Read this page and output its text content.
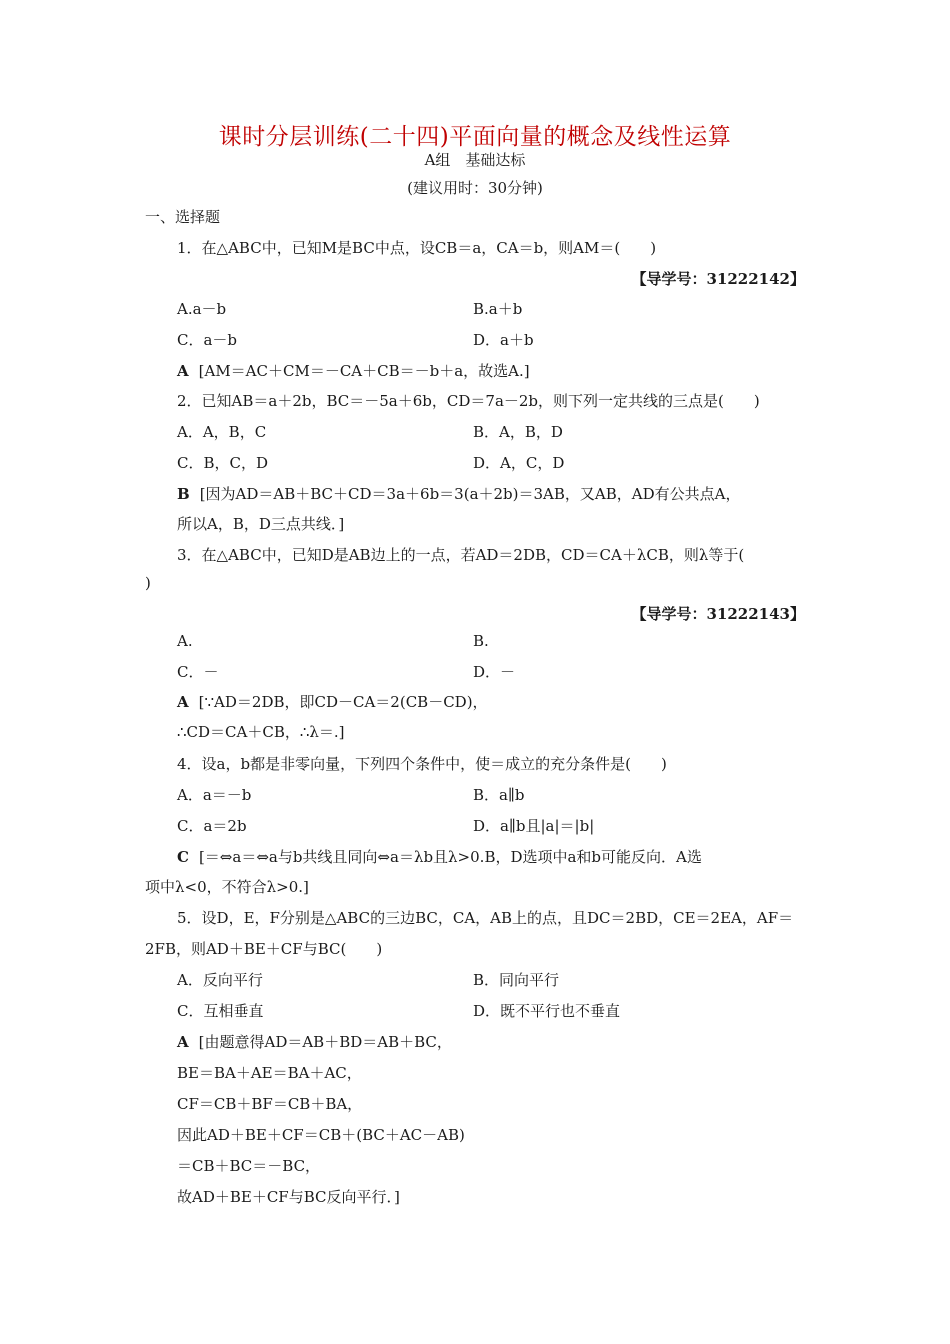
课时分层训练(二十四)平面向量的概念及线性运算
A组　基础达标
(建议用时：30分钟)
一、选择题
1．在△ABC中，已知M是BC中点，设CB＝a，CA＝b，则AM＝(　　)
【导学号：31222142】
A.a－b	B.a＋b
C．a－b	D．a＋b
A [AM＝AC＋CM＝－CA＋CB＝－b＋a，故选A.]
2．已知AB＝a＋2b，BC＝－5a＋6b，CD＝7a－2b，则下列一定共线的三点是(　　)
A．A，B，C	B．A，B，D
C．B，C，D	D．A，C，D
B [因为AD＝AB＋BC＋CD＝3a＋6b＝3(a＋2b)＝3AB，又AB，AD有公共点A，
所以A，B，D三点共线．]
3．在△ABC中，已知D是AB边上的一点，若AD＝2DB，CD＝CA＋λCB，则λ等于(
)
【导学号：31222143】
A.	B.
C．－	D．－
A [∵AD＝2DB，即CD－CA＝2(CB－CD)，
∴CD＝CA＋CB，∴λ＝.]
4．设a，b都是非零向量，下列四个条件中，使＝成立的充分条件是(　　)
A．a＝－b	B．a∥b
C．a＝2b	D．a∥b且|a|＝|b|
C [＝⇔a＝⇔a与b共线且同向⇔a＝λb且λ>0.B，D选项中a和b可能反向．A选
项中λ<0，不符合λ>0.]
5．设D，E，F分别是△ABC的三边BC，CA，AB上的点，且DC＝2BD，CE＝2EA，AF＝
2FB，则AD＋BE＋CF与BC(　　)
A．反向平行	B．同向平行
C．互相垂直	D．既不平行也不垂直
A [由题意得AD＝AB＋BD＝AB＋BC，
BE＝BA＋AE＝BA＋AC，
CF＝CB＋BF＝CB＋BA，
因此AD＋BE＋CF＝CB＋(BC＋AC－AB)
＝CB＋BC＝－BC，
故AD＋BE＋CF与BC反向平行．]
